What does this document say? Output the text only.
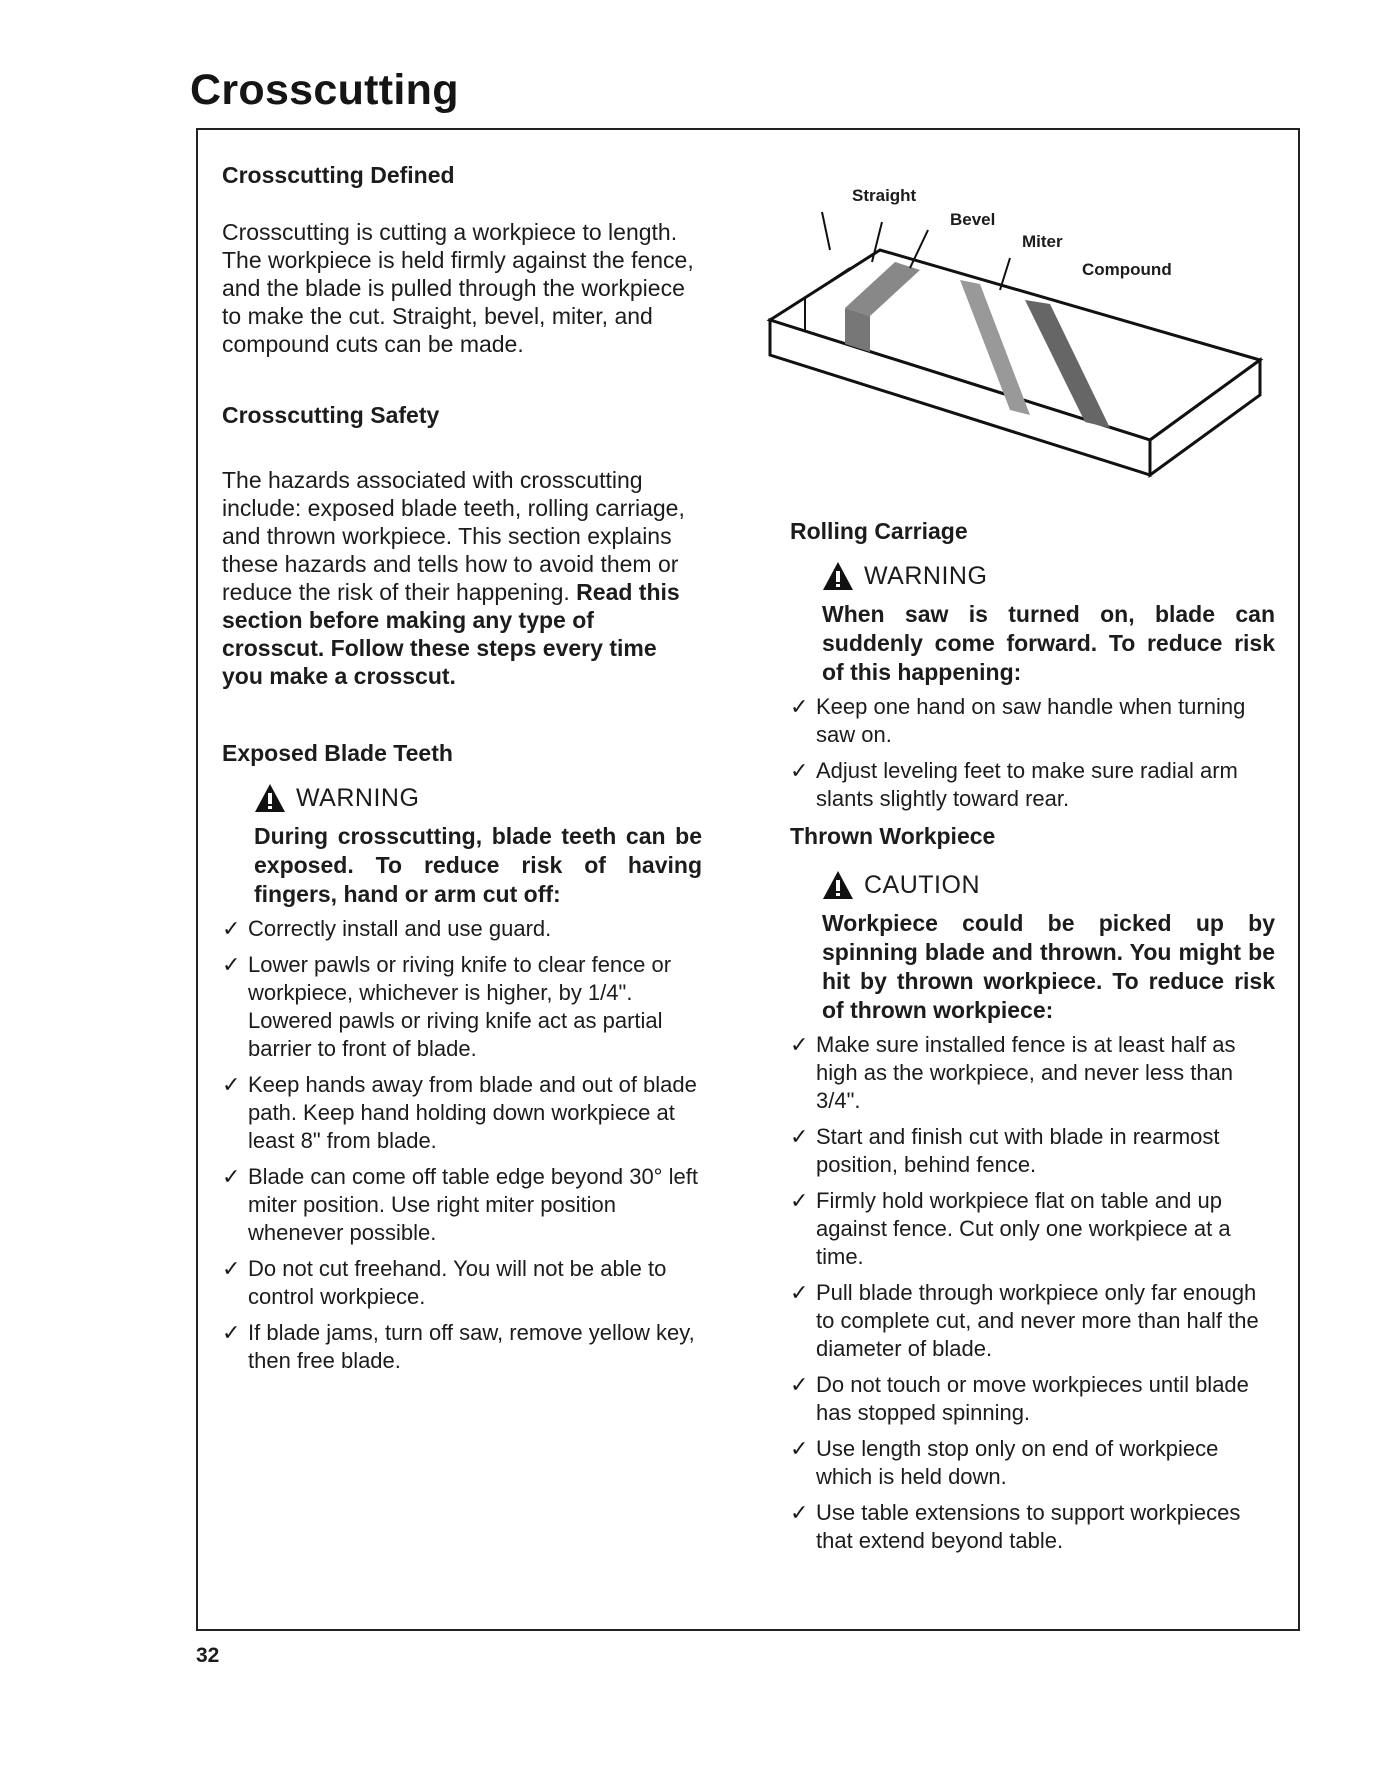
Crosscutting
Crosscutting Defined

Crosscutting is cutting a workpiece to length. The workpiece is held firmly against the fence, and the blade is pulled through the workpiece to make the cut. Straight, bevel, miter, and compound cuts can be made.

Crosscutting Safety

The hazards associated with crosscutting include: exposed blade teeth, rolling carriage, and thrown workpiece. This section explains these hazards and tells how to avoid them or reduce the risk of their happening. Read this section before making any type of crosscut. Follow these steps every time you make a crosscut.

Exposed Blade Teeth
WARNING
During crosscutting, blade teeth can be exposed. To reduce risk of having fingers, hand or arm cut off:
✓ Correctly install and use guard.
✓ Lower pawls or riving knife to clear fence or workpiece, whichever is higher, by 1/4". Lowered pawls or riving knife act as partial barrier to front of blade.
✓ Keep hands away from blade and out of blade path. Keep hand holding down workpiece at least 8" from blade.
✓ Blade can come off table edge beyond 30° left miter position. Use right miter position whenever possible.
✓ Do not cut freehand. You will not be able to control workpiece.
✓ If blade jams, turn off saw, remove yellow key, then free blade.
Straight
Bevel
Miter
Compound
Rolling Carriage
WARNING
When saw is turned on, blade can suddenly come forward. To reduce risk of this happening:
✓ Keep one hand on saw handle when turning saw on.
✓ Adjust leveling feet to make sure radial arm slants slightly toward rear.
Thrown Workpiece
CAUTION
Workpiece could be picked up by spinning blade and thrown. You might be hit by thrown workpiece. To reduce risk of thrown workpiece:
✓ Make sure installed fence is at least half as high as the workpiece, and never less than 3/4".
✓ Start and finish cut with blade in rearmost position, behind fence.
✓ Firmly hold workpiece flat on table and up against fence. Cut only one workpiece at a time.
✓ Pull blade through workpiece only far enough to complete cut, and never more than half the diameter of blade.
✓ Do not touch or move workpieces until blade has stopped spinning.
✓ Use length stop only on end of workpiece which is held down.
✓ Use table extensions to support workpieces that extend beyond table.
32
